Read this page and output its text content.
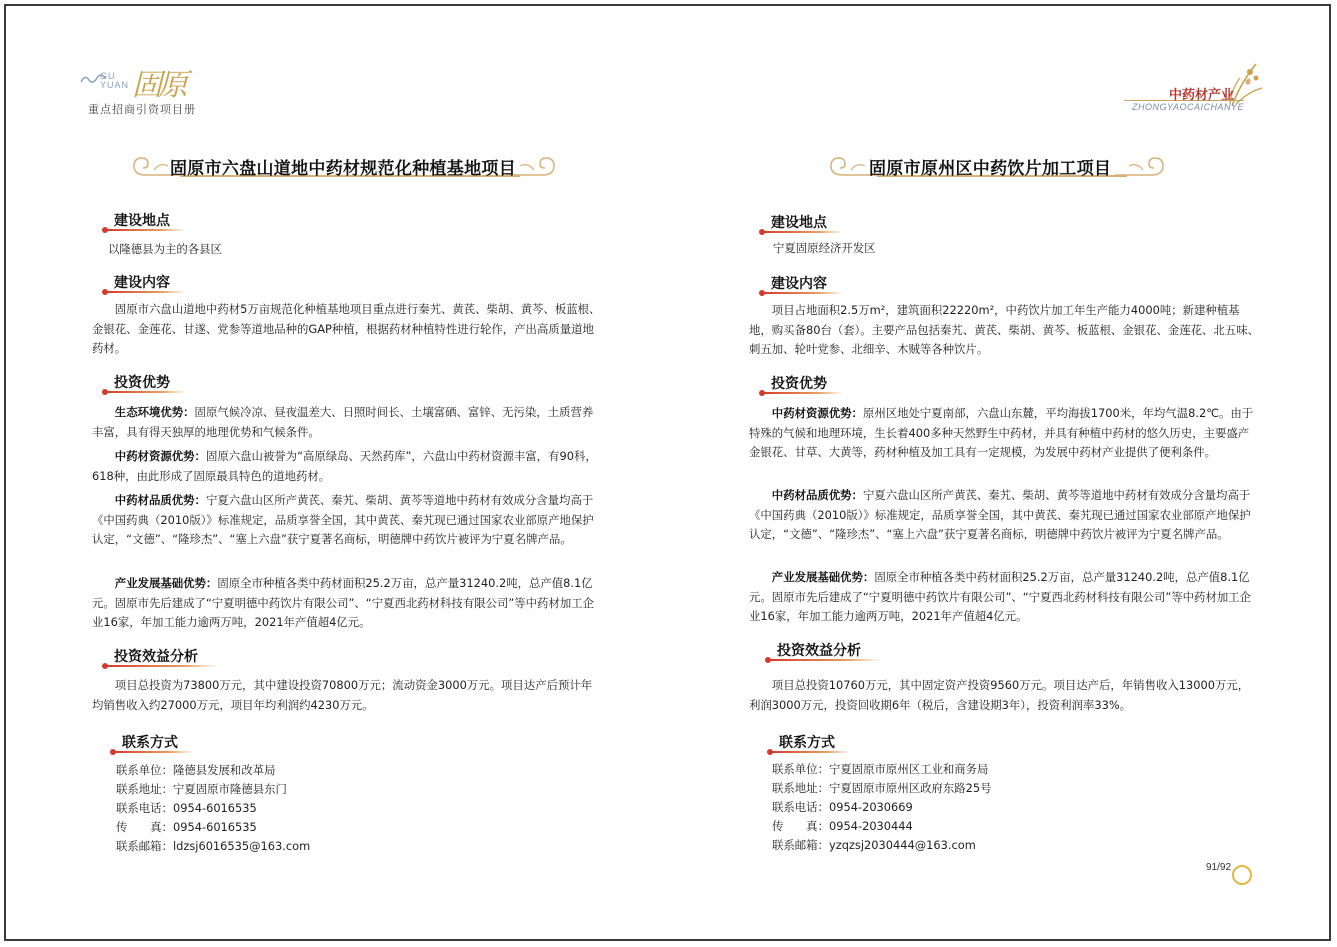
GU
YUAN 固原
重点招商引资项目册
固原市六盘山道地中药材规范化种植基地项目
建设地点
以隆德县为主的各县区
建设内容
固原市六盘山道地中药材5万亩规范化种植基地项目重点进行秦艽、黄芪、柴胡、黄芩、板蓝根、金银花、金莲花、甘遂、党参等道地品种的GAP种植，根据药材种植特性进行轮作，产出高质量道地药材。
投资优势
生态环境优势：固原气候冷凉、昼夜温差大、日照时间长、土壤富硒、富锌、无污染，土质营养丰富，具有得天独厚的地理优势和气候条件。
中药材资源优势：固原六盘山被誉为“高原绿岛、天然药库”，六盘山中药材资源丰富，有90科，618种，由此形成了固原最具特色的道地药材。
中药材品质优势：宁夏六盘山区所产黄芪、秦艽、柴胡、黄芩等道地中药材有效成分含量均高于《中国药典（2010版）》标准规定，品质享誉全国，其中黄芪、秦艽现已通过国家农业部原产地保护认定，“文德”、“隆珍杰”、“塞上六盘”获宁夏著名商标，明德牌中药饮片被评为宁夏名牌产品。
产业发展基础优势：固原全市种植各类中药材面积25.2万亩，总产量31240.2吨，总产值8.1亿元。固原市先后建成了“宁夏明德中药饮片有限公司”、“宁夏西北药材科技有限公司”等中药材加工企业16家，年加工能力逾两万吨，2021年产值超4亿元。
投资效益分析
项目总投资为73800万元，其中建设投资70800万元；流动资金3000万元。项目达产后预计年均销售收入约27000万元，项目年均利润约4230万元。
联系方式
联系单位：隆德县发展和改革局
联系地址：宁夏固原市隆德县东门
联系电话：0954-6016535
传　　真：0954-6016535
联系邮箱：ldzsj6016535@163.com
中药材产业
ZHONGYAOCAICHANYE
固原市原州区中药饮片加工项目
建设地点
宁夏固原经济开发区
建设内容
项目占地面积2.5万m²，建筑面积22220m²，中药饮片加工年生产能力4000吨；新建种植基地，购买备80台（套）。主要产品包括秦艽、黄芪、柴胡、黄芩、板蓝根、金银花、金莲花、北五味、刺五加、轮叶党参、北细辛、木贼等各种饮片。
投资优势
中药材资源优势：原州区地处宁夏南部，六盘山东麓，平均海拔1700米，年均气温8.2℃。由于特殊的气候和地理环境，生长着400多种天然野生中药材，并具有种植中药材的悠久历史，主要盛产金银花、甘草、大黄等，药材种植及加工具有一定规模，为发展中药材产业提供了便利条件。
中药材品质优势：宁夏六盘山区所产黄芪、秦艽、柴胡、黄芩等道地中药材有效成分含量均高于《中国药典（2010版）》标准规定，品质享誉全国，其中黄芪、秦艽现已通过国家农业部原产地保护认定，“文德”、“隆珍杰”、“塞上六盘”获宁夏著名商标，明德牌中药饮片被评为宁夏名牌产品。
产业发展基础优势：固原全市种植各类中药材面积25.2万亩，总产量31240.2吨，总产值8.1亿元。固原市先后建成了“宁夏明德中药饮片有限公司”、“宁夏西北药材科技有限公司”等中药材加工企业16家，年加工能力逾两万吨，2021年产值超4亿元。
投资效益分析
项目总投资10760万元，其中固定资产投资9560万元。项目达产后，年销售收入13000万元，利润3000万元，投资回收期6年（税后，含建设期3年），投资利润率33%。
联系方式
联系单位：宁夏固原市原州区工业和商务局
联系地址：宁夏固原市原州区政府东路25号
联系电话：0954-2030669
传　　真：0954-2030444
联系邮箱：yzqzsj2030444@163.com
91/92
